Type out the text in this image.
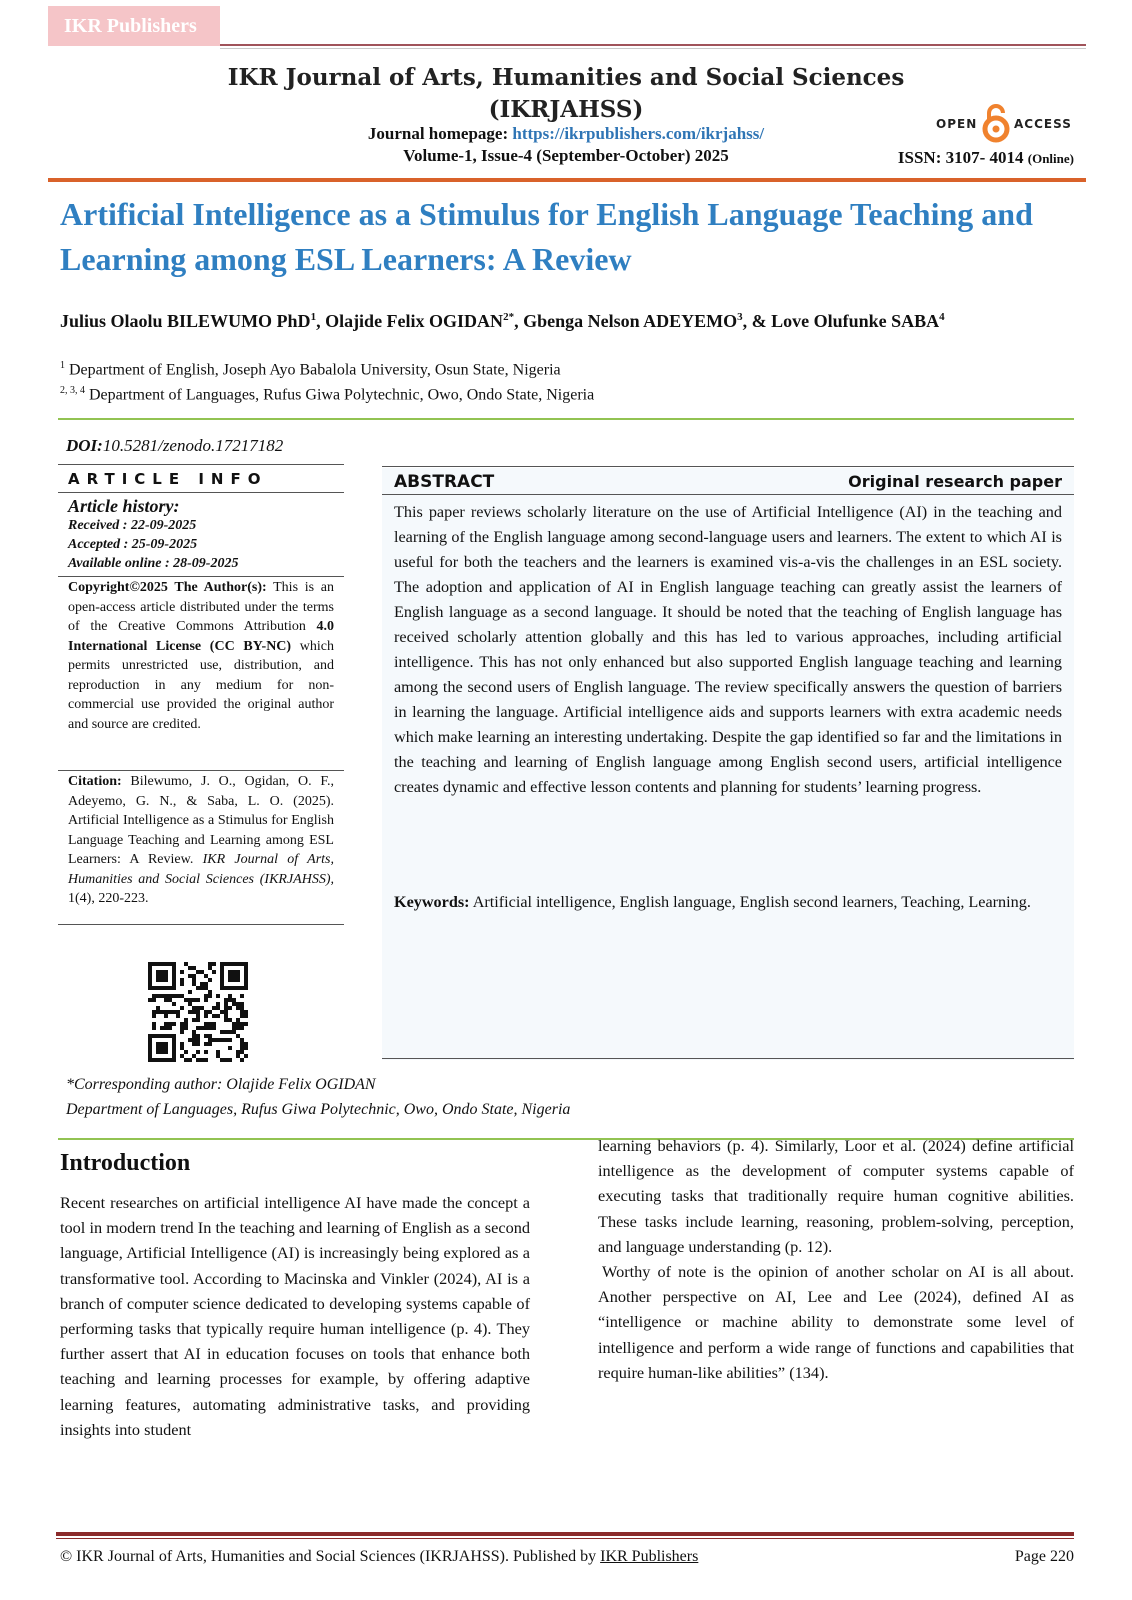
IKR Publishers
IKR Journal of Arts, Humanities and Social Sciences
(IKRJAHSS)
Journal homepage: https://ikrpublishers.com/ikrjahss/
Volume-1, Issue-4 (September-October) 2025	ISSN: 3107- 4014 (Online)
OPEN	ACCESS
Artificial Intelligence as a Stimulus for English Language Teaching and Learning among ESL Learners: A Review
Julius Olaolu BILEWUMO PhD$^1$, Olajide Felix $OGIDAN^{2*}$, Gbenga Nelson ADEYEMO$^3$, & Love Olufunke SABA$^4$
$^1$ Department of English, Joseph Ayo Babalola University, Osun State, Nigeria
$^{2, 3, 4}$ Department of Languages, Rufus Giwa Polytechnic, Owo, Ondo State, Nigeria
DOI:10.5281/zenodo.17217182
ARTICLE INFO
Article history:
Received : 22-09-2025
Accepted : 25-09-2025
Available online : 28-09-2025
Copyright©2025 The Author(s): This is an open-access article distributed under the terms of the Creative Commons Attribution 4.0 International License (CC BY-NC) which permits unrestricted use, distribution, and reproduction in any medium for non-commercial use provided the original author and source are credited.
Citation: Bilewumo, J. O., Ogidan, O. F., Adeyemo, G. N., & Saba, L. O. (2025). Artificial Intelligence as a Stimulus for English Language Teaching and Learning among ESL Learners: A Review. IKR Journal of Arts, Humanities and Social Sciences (IKRJAHSS), 1(4), 220-223.
ABSTRACT	Original research paper
This paper reviews scholarly literature on the use of Artificial Intelligence (AI) in the teaching and learning of the English language among second-language users and learners. The extent to which AI is useful for both the teachers and the learners is examined vis-a-vis the challenges in an ESL society. The adoption and application of AI in English language teaching can greatly assist the learners of English language as a second language. It should be noted that the teaching of English language has received scholarly attention globally and this has led to various approaches, including artificial intelligence. This has not only enhanced but also supported English language teaching and learning among the second users of English language. The review specifically answers the question of barriers in learning the language. Artificial intelligence aids and supports learners with extra academic needs which make learning an interesting undertaking. Despite the gap identified so far and the limitations in the teaching and learning of English language among English second users, artificial intelligence creates dynamic and effective lesson contents and planning for students’ learning progress.
Keywords: Artificial intelligence, English language, English second learners, Teaching, Learning.
*Corresponding author: Olajide Felix OGIDAN
Department of Languages, Rufus Giwa Polytechnic, Owo, Ondo State, Nigeria
Introduction
Recent researches on artificial intelligence AI have made the concept a tool in modern trend In the teaching and learning of English as a second language, Artificial Intelligence (AI) is increasingly being explored as a transformative tool. According to Macinska and Vinkler (2024), AI is a branch of computer science dedicated to developing systems capable of performing tasks that typically require human intelligence (p. 4). They further assert that AI in education focuses on tools that enhance both teaching and learning processes for example, by offering adaptive learning features, automating administrative tasks, and providing insights into student

learning behaviors (p. 4). Similarly, Loor et al. (2024) define artificial intelligence as the development of computer systems capable of executing tasks that traditionally require human cognitive abilities. These tasks include learning, reasoning, problem-solving, perception, and language understanding (p. 12).

Worthy of note is the opinion of another scholar on AI is all about. Another perspective on AI, Lee and Lee (2024), defined AI as “intelligence or machine ability to demonstrate some level of intelligence and perform a wide range of functions and capabilities that require human-like abilities” (134).

© IKR Journal of Arts, Humanities and Social Sciences (IKRJAHSS). Published by IKR Publishers	Page 220
